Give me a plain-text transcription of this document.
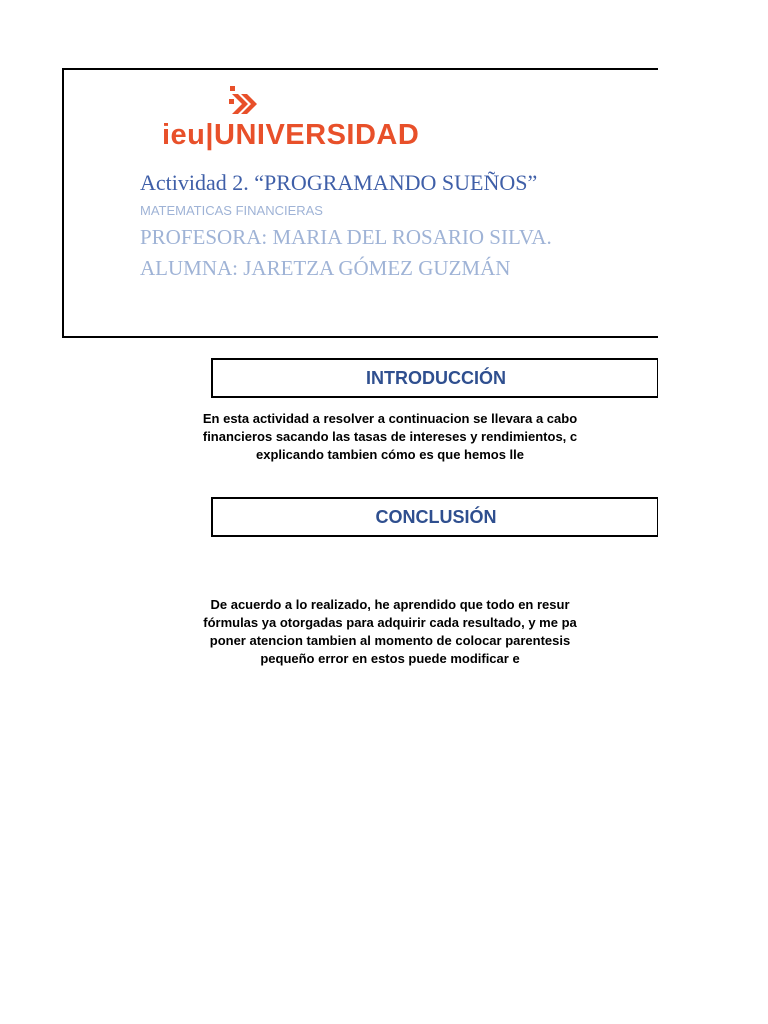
ieu|UNIVERSIDAD
Actividad 2. “PROGRAMANDO SUEÑOS”
MATEMATICAS FINANCIERAS
PROFESORA: MARIA DEL ROSARIO SILVA.
ALUMNA: JARETZA GÓMEZ GUZMÁN
INTRODUCCIÓN
En esta actividad a resolver a continuacion se llevara a cabo
financieros sacando las tasas de intereses y rendimientos, c
explicando tambien cómo es que hemos lle
CONCLUSIÓN
De acuerdo a lo realizado, he aprendido que todo en resur
fórmulas ya otorgadas para adquirir cada resultado, y me pa
poner atencion tambien al momento de colocar parentesis
pequeño error en estos puede modificar e
